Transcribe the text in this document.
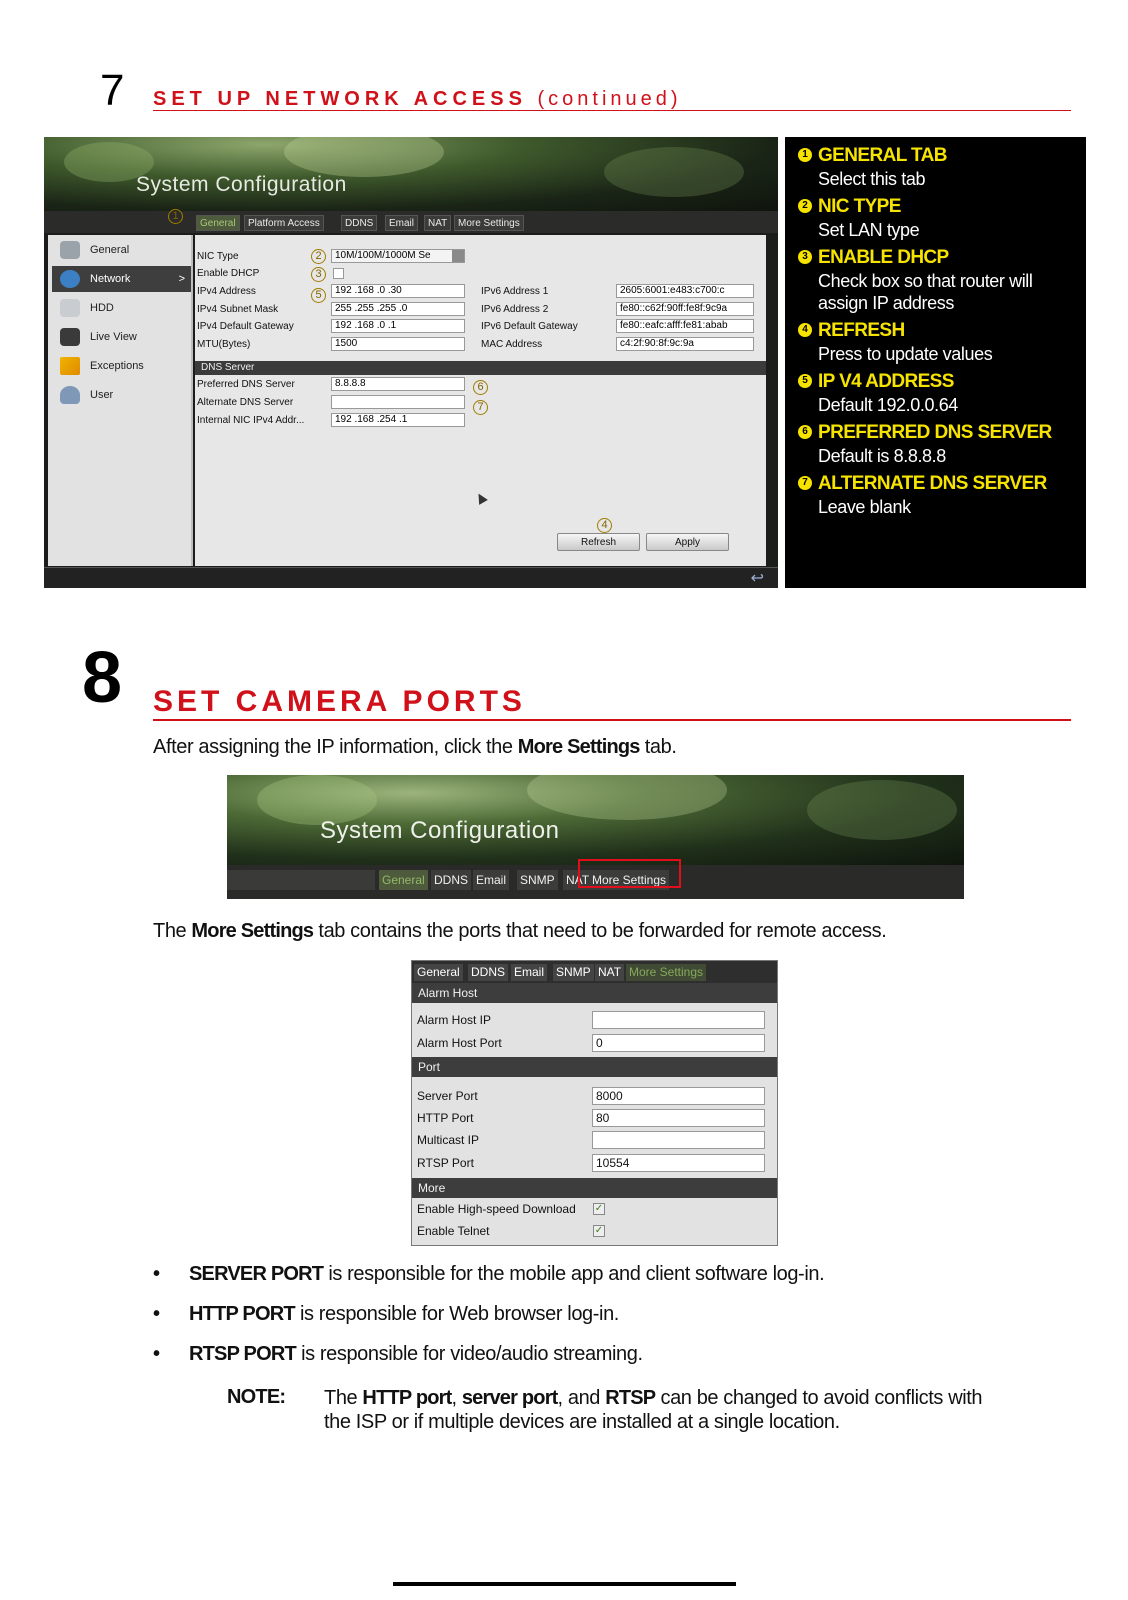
7 SET UP NETWORK ACCESS (continued)
System Configuration
General	Platform Access	DDNS	Email	NAT	More Settings
General
Network	>
HDD
Live View
Exceptions
User
NIC Type	10M/100M/1000M Se
Enable DHCP
IPv4 Address	192 .168 .0 .30
IPv4 Subnet Mask	255 .255 .255 .0
IPv4 Default Gateway	192 .168 .0 .1
MTU(Bytes)	1500
IPv6 Address 1	2605:6001:e483:c700:c
IPv6 Address 2	fe80::c62f:90ff:fe8f:9c9a
IPv6 Default Gateway	fe80::eafc:afff:fe81:abab
MAC Address	c4:2f:90:8f:9c:9a
DNS Server
Preferred DNS Server	8.8.8.8
Alternate DNS Server
Internal NIC IPv4 Addr...	192 .168 .254 .1
Refresh	Apply
↩
1
2
3
4
5
6
7
1 GENERAL TAB
Select this tab
2 NIC TYPE
Set LAN type
3 ENABLE DHCP
Check box so that router will assign IP address
4 REFRESH
Press to update values
5 IP V4 ADDRESS
Default 192.0.0.64
6 PREFERRED DNS SERVER
Default is 8.8.8.8
7 ALTERNATE DNS SERVER
Leave blank
8 SET CAMERA PORTS
After assigning the IP information, click the More Settings tab.
System Configuration
General DDNS Email SNMP NAT More Settings
The More Settings tab contains the ports that need to be forwarded for remote access.
General DDNS Email SNMP NAT More Settings
Alarm Host
Alarm Host IP
Alarm Host Port	0
Port
Server Port	8000
HTTP Port	80
Multicast IP
RTSP Port	10554
More
Enable High-speed Download ✓
Enable Telnet	✓
• SERVER PORT is responsible for the mobile app and client software log-in.
• HTTP PORT is responsible for Web browser log-in.
• RTSP PORT is responsible for video/audio streaming.
NOTE: The HTTP port, server port, and RTSP can be changed to avoid conflicts with the ISP or if multiple devices are installed at a single location.
